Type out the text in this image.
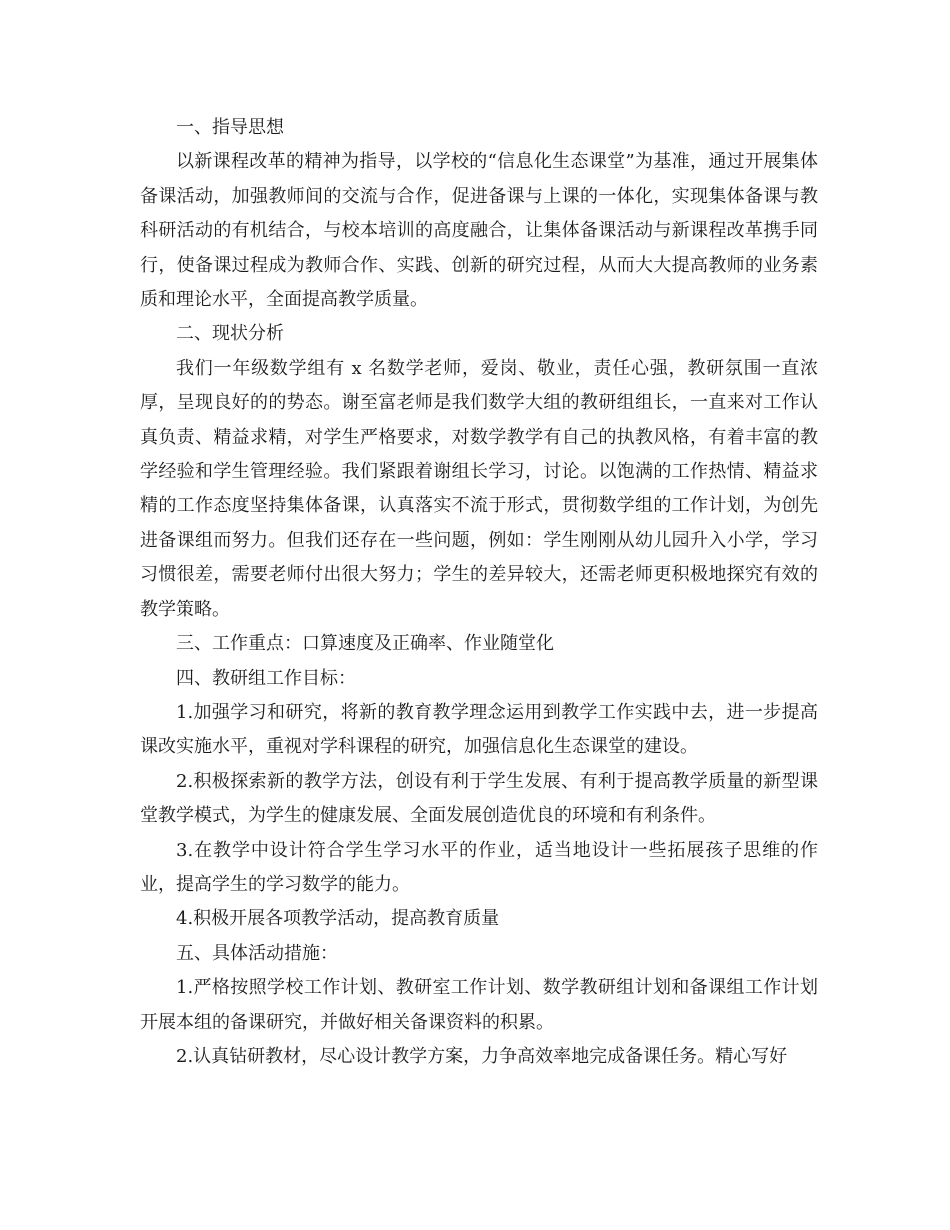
一、指导思想

以新课程改革的精神为指导，以学校的“信息化生态课堂”为基准，通过开展集体备课活动，加强教师间的交流与合作，促进备课与上课的一体化，实现集体备课与教科研活动的有机结合，与校本培训的高度融合，让集体备课活动与新课程改革携手同行，使备课过程成为教师合作、实践、创新的研究过程，从而大大提高教师的业务素质和理论水平，全面提高教学质量。

二、现状分析

我们一年级数学组有 x 名数学老师，爱岗、敬业，责任心强，教研氛围一直浓厚，呈现良好的的势态。谢至富老师是我们数学大组的教研组组长，一直来对工作认真负责、精益求精，对学生严格要求，对数学教学有自己的执教风格，有着丰富的教学经验和学生管理经验。我们紧跟着谢组长学习，讨论。以饱满的工作热情、精益求精的工作态度坚持集体备课，认真落实不流于形式，贯彻数学组的工作计划，为创先进备课组而努力。但我们还存在一些问题，例如：学生刚刚从幼儿园升入小学，学习习惯很差，需要老师付出很大努力；学生的差异较大，还需老师更积极地探究有效的教学策略。

三、工作重点：口算速度及正确率、作业随堂化

四、教研组工作目标：

1.加强学习和研究，将新的教育教学理念运用到教学工作实践中去，进一步提高课改实施水平，重视对学科课程的研究，加强信息化生态课堂的建设。

2.积极探索新的教学方法，创设有利于学生发展、有利于提高教学质量的新型课堂教学模式，为学生的健康发展、全面发展创造优良的环境和有利条件。

3.在教学中设计符合学生学习水平的作业，适当地设计一些拓展孩子思维的作业，提高学生的学习数学的能力。

4.积极开展各项教学活动，提高教育质量

五、具体活动措施：

1.严格按照学校工作计划、教研室工作计划、数学教研组计划和备课组工作计划开展本组的备课研究，并做好相关备课资料的积累。

2.认真钻研教材，尽心设计教学方案，力争高效率地完成备课任务。精心写好
